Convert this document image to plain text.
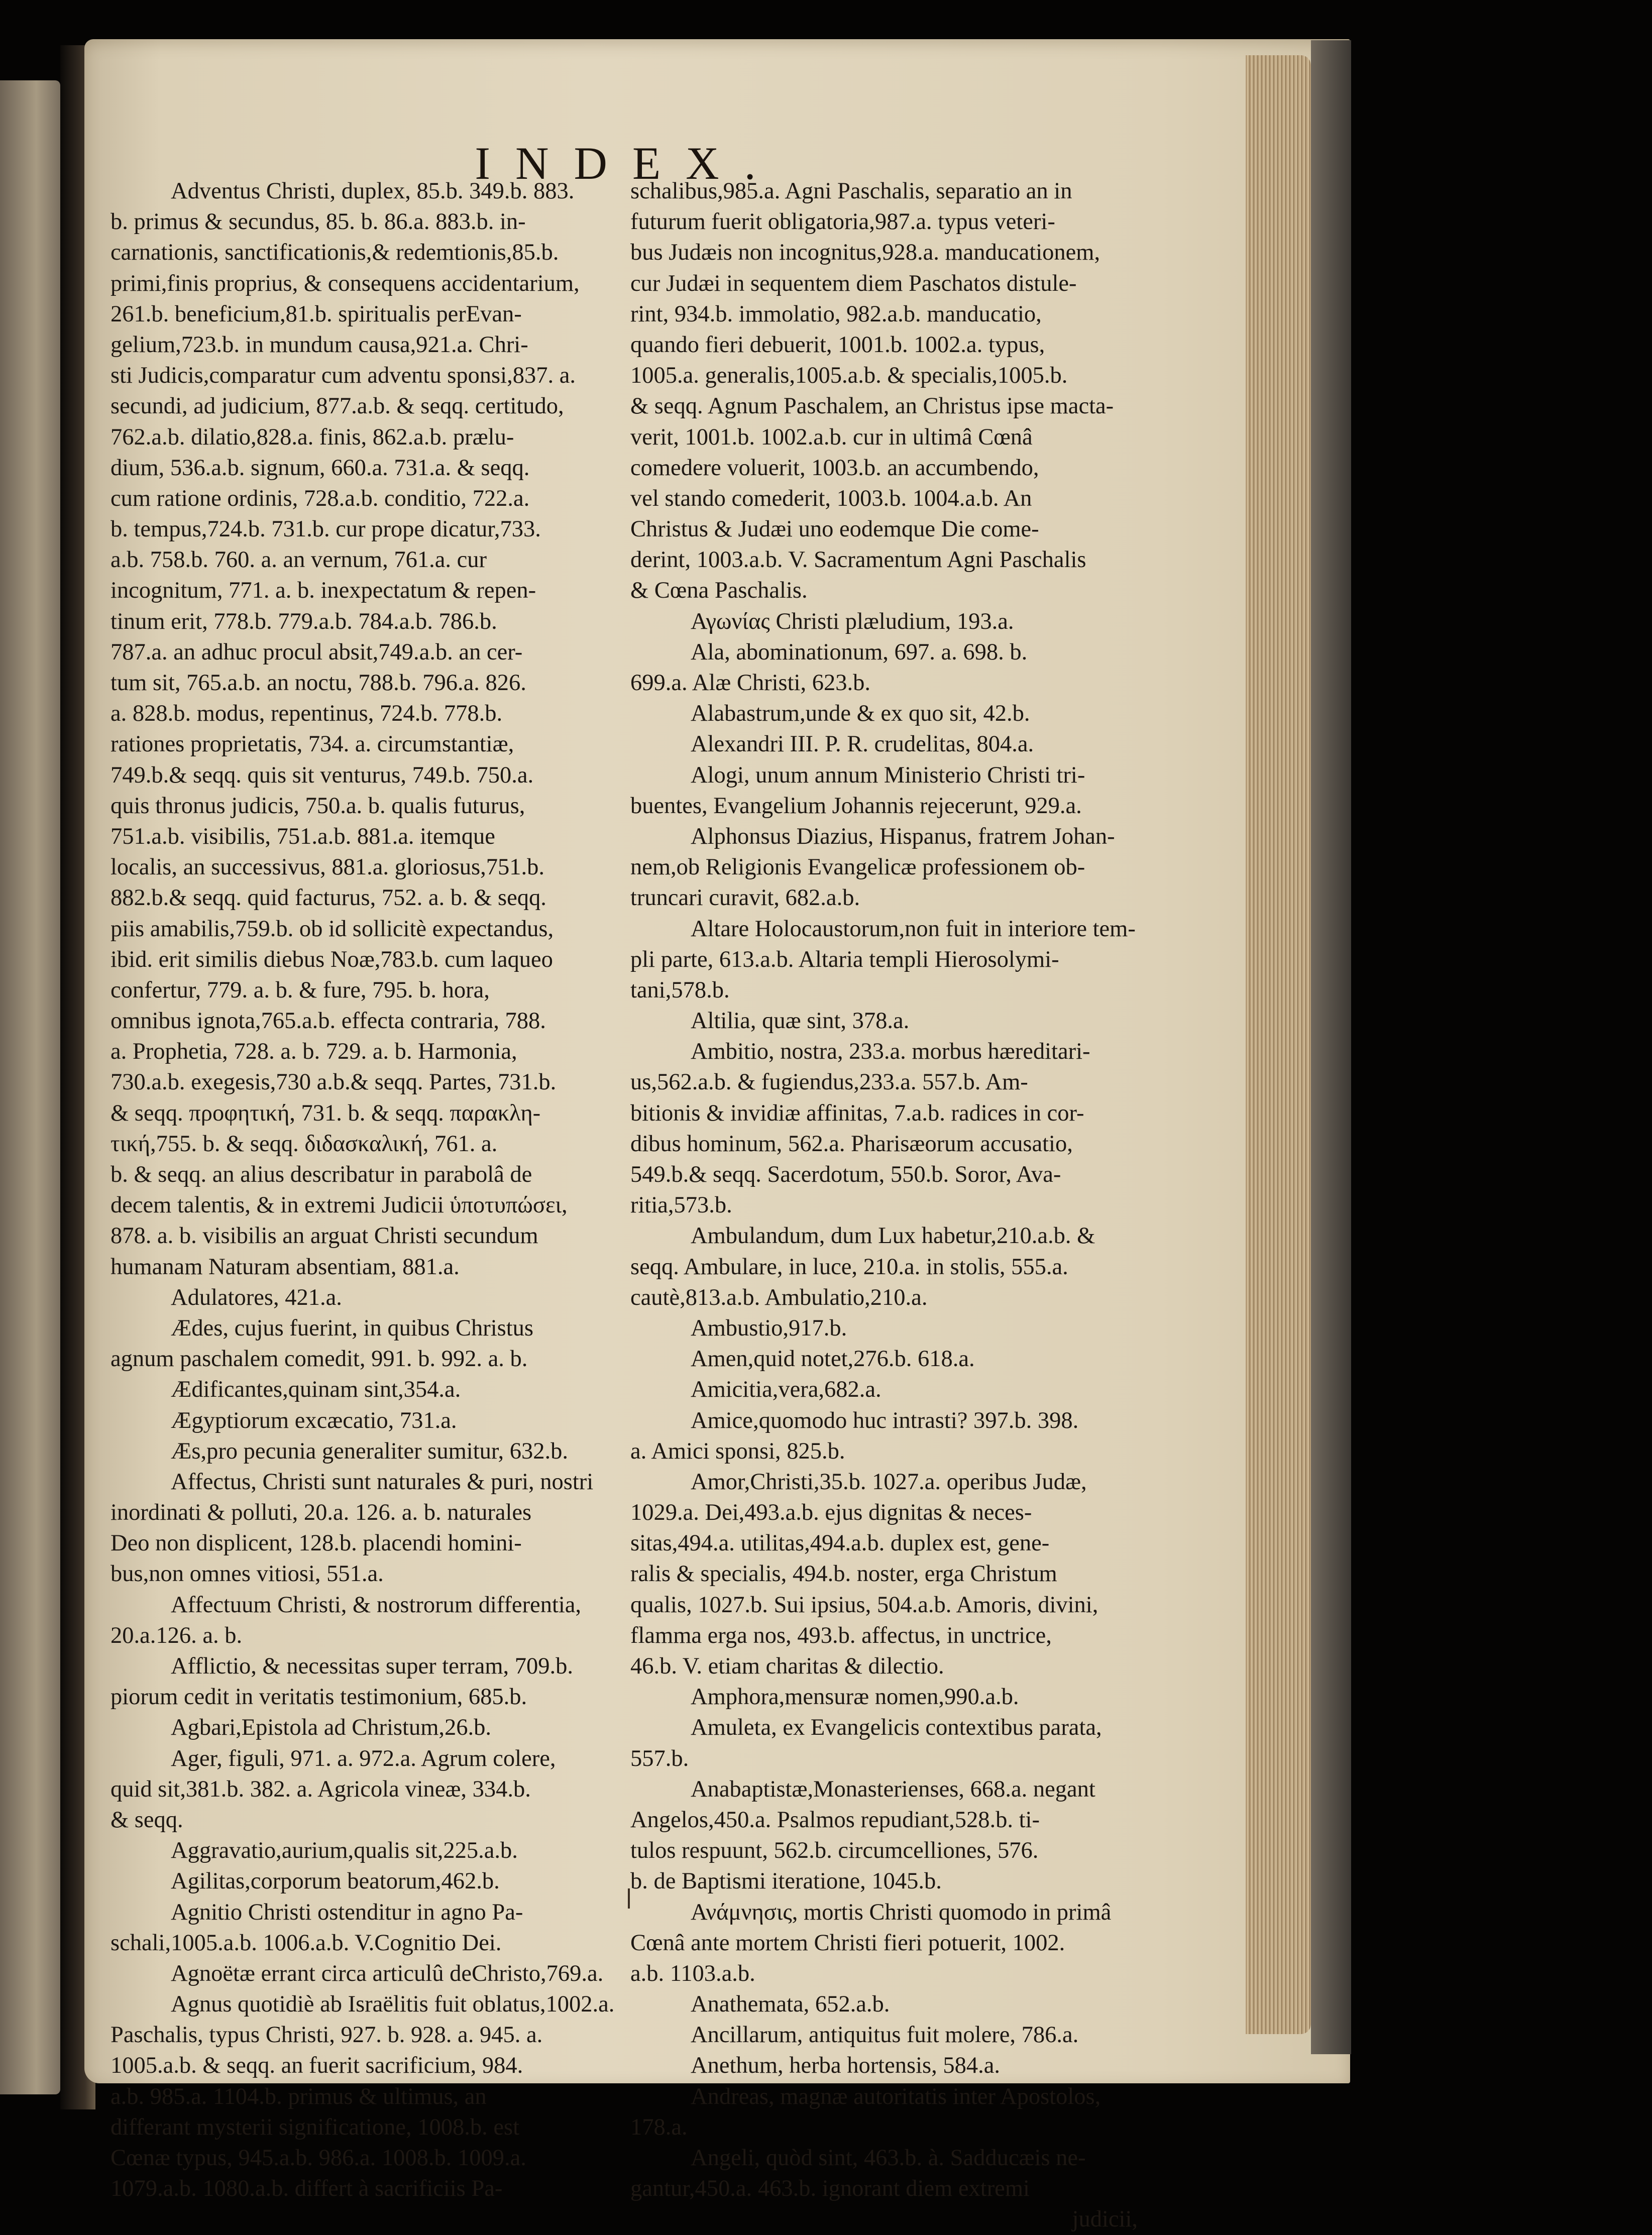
INDEX.
Adventus Christi, duplex, 85.b. 349.b. 883.
b. primus & secundus, 85. b. 86.a. 883.b. in-
carnationis, sanctificationis,& redemtionis,85.b.
primi,finis proprius, & consequens accidentarium,
261.b. beneficium,81.b. spiritualis perEvan-
gelium,723.b. in mundum causa,921.a. Chri-
sti Judicis,comparatur cum adventu sponsi,837. a.
secundi, ad judicium, 877.a.b. & seqq. certitudo,
762.a.b. dilatio,828.a. finis, 862.a.b. prælu-
dium, 536.a.b. signum, 660.a. 731.a. & seqq.
cum ratione ordinis, 728.a.b. conditio, 722.a.
b. tempus,724.b. 731.b. cur prope dicatur,733.
a.b. 758.b. 760. a. an vernum, 761.a. cur
incognitum, 771. a. b. inexpectatum & repen-
tinum erit, 778.b. 779.a.b. 784.a.b. 786.b.
787.a. an adhuc procul absit,749.a.b. an cer-
tum sit, 765.a.b. an noctu, 788.b. 796.a. 826.
a. 828.b. modus, repentinus, 724.b. 778.b.
rationes proprietatis, 734. a. circumstantiæ,
749.b.& seqq. quis sit venturus, 749.b. 750.a.
quis thronus judicis, 750.a. b. qualis futurus,
751.a.b. visibilis, 751.a.b. 881.a. itemque
localis, an successivus, 881.a. gloriosus,751.b.
882.b.& seqq. quid facturus, 752. a. b. & seqq.
piis amabilis,759.b. ob id sollicitè expectandus,
ibid. erit similis diebus Noæ,783.b. cum laqueo
confertur, 779. a. b. & fure, 795. b. hora,
omnibus ignota,765.a.b. effecta contraria, 788.
a. Prophetia, 728. a. b. 729. a. b. Harmonia,
730.a.b. exegesis,730 a.b.& seqq. Partes, 731.b.
& seqq. προφητική, 731. b. & seqq. παρακλη-
τική,755. b. & seqq. διδασκαλική, 761. a.
b. & seqq. an alius describatur in parabolâ de
decem talentis, & in extremi Judicii ὑποτυπώσει,
878. a. b. visibilis an arguat Christi secundum
humanam Naturam absentiam, 881.a.
Adulatores, 421.a.
Ædes, cujus fuerint, in quibus Christus
agnum paschalem comedit, 991. b. 992. a. b.
Ædificantes,quinam sint,354.a.
Ægyptiorum excæcatio, 731.a.
Æs,pro pecunia generaliter sumitur, 632.b.
Affectus, Christi sunt naturales & puri, nostri
inordinati & polluti, 20.a. 126. a. b. naturales
Deo non displicent, 128.b. placendi homini-
bus,non omnes vitiosi, 551.a.
Affectuum Christi, & nostrorum differentia,
20.a.126. a. b.
Afflictio, & necessitas super terram, 709.b.
piorum cedit in veritatis testimonium, 685.b.
Agbari,Epistola ad Christum,26.b.
Ager, figuli, 971. a. 972.a. Agrum colere,
quid sit,381.b. 382. a. Agricola vineæ, 334.b.
& seqq.
Aggravatio,aurium,qualis sit,225.a.b.
Agilitas,corporum beatorum,462.b.
Agnitio Christi ostenditur in agno Pa-
schali,1005.a.b. 1006.a.b. V.Cognitio Dei.
Agnoëtæ errant circa articulû deChristo,769.a.
Agnus quotidiè ab Israëlitis fuit oblatus,1002.a.
Paschalis, typus Christi, 927. b. 928. a. 945. a.
1005.a.b. & seqq. an fuerit sacrificium, 984.
a.b. 985.a. 1104.b. primus & ultimus, an
differant mysterii significatione, 1008.b. est
Cœnæ typus, 945.a.b. 986.a. 1008.b. 1009.a.
1079.a.b. 1080.a.b. differt à sacrificiis Pa-
schalibus,985.a. Agni Paschalis, separatio an in
futurum fuerit obligatoria,987.a. typus veteri-
bus Judæis non incognitus,928.a. manducationem,
cur Judæi in sequentem diem Paschatos distule-
rint, 934.b. immolatio, 982.a.b. manducatio,
quando fieri debuerit, 1001.b. 1002.a. typus,
1005.a. generalis,1005.a.b. & specialis,1005.b.
& seqq. Agnum Paschalem, an Christus ipse macta-
verit, 1001.b. 1002.a.b. cur in ultimâ Cœnâ
comedere voluerit, 1003.b. an accumbendo,
vel stando comederit, 1003.b. 1004.a.b. An
Christus & Judæi uno eodemque Die come-
derint, 1003.a.b. V. Sacramentum Agni Paschalis
& Cœna Paschalis.
Αγωνίας Christi plæludium, 193.a.
Ala, abominationum, 697. a. 698. b.
699.a. Alæ Christi, 623.b.
Alabastrum,unde & ex quo sit, 42.b.
Alexandri III. P. R. crudelitas, 804.a.
Alogi, unum annum Ministerio Christi tri-
buentes, Evangelium Johannis rejecerunt, 929.a.
Alphonsus Diazius, Hispanus, fratrem Johan-
nem,ob Religionis Evangelicæ professionem ob-
truncari curavit, 682.a.b.
Altare Holocaustorum,non fuit in interiore tem-
pli parte, 613.a.b. Altaria templi Hierosolymi-
tani,578.b.
Altilia, quæ sint, 378.a.
Ambitio, nostra, 233.a. morbus hæreditari-
us,562.a.b. & fugiendus,233.a. 557.b. Am-
bitionis & invidiæ affinitas, 7.a.b. radices in cor-
dibus hominum, 562.a. Pharisæorum accusatio,
549.b.& seqq. Sacerdotum, 550.b. Soror, Ava-
ritia,573.b.
Ambulandum, dum Lux habetur,210.a.b. &
seqq. Ambulare, in luce, 210.a. in stolis, 555.a.
cautè,813.a.b. Ambulatio,210.a.
Ambustio,917.b.
Amen,quid notet,276.b. 618.a.
Amicitia,vera,682.a.
Amice,quomodo huc intrasti? 397.b. 398.
a. Amici sponsi, 825.b.
Amor,Christi,35.b. 1027.a. operibus Judæ,
1029.a. Dei,493.a.b. ejus dignitas & neces-
sitas,494.a. utilitas,494.a.b. duplex est, gene-
ralis & specialis, 494.b. noster, erga Christum
qualis, 1027.b. Sui ipsius, 504.a.b. Amoris, divini,
flamma erga nos, 493.b. affectus, in unctrice,
46.b. V. etiam charitas & dilectio.
Amphora,mensuræ nomen,990.a.b.
Amuleta, ex Evangelicis contextibus parata,
557.b.
Anabaptistæ,Monasterienses, 668.a. negant
Angelos,450.a. Psalmos repudiant,528.b. ti-
tulos respuunt, 562.b. circumcelliones, 576.
b. de Baptismi iteratione, 1045.b.
Ανάμνησις, mortis Christi quomodo in primâ
Cœnâ ante mortem Christi fieri potuerit, 1002.
a.b. 1103.a.b.
Anathemata, 652.a.b.
Ancillarum, antiquitus fuit molere, 786.a.
Anethum, herba hortensis, 584.a.
Andreas, magnæ autoritatis inter Apostolos,
178.a.
Angeli, quòd sint, 463.b. à. Sadducæis ne-
gantur,450.a. 463.b. ignorant diem extremi
judicii,
